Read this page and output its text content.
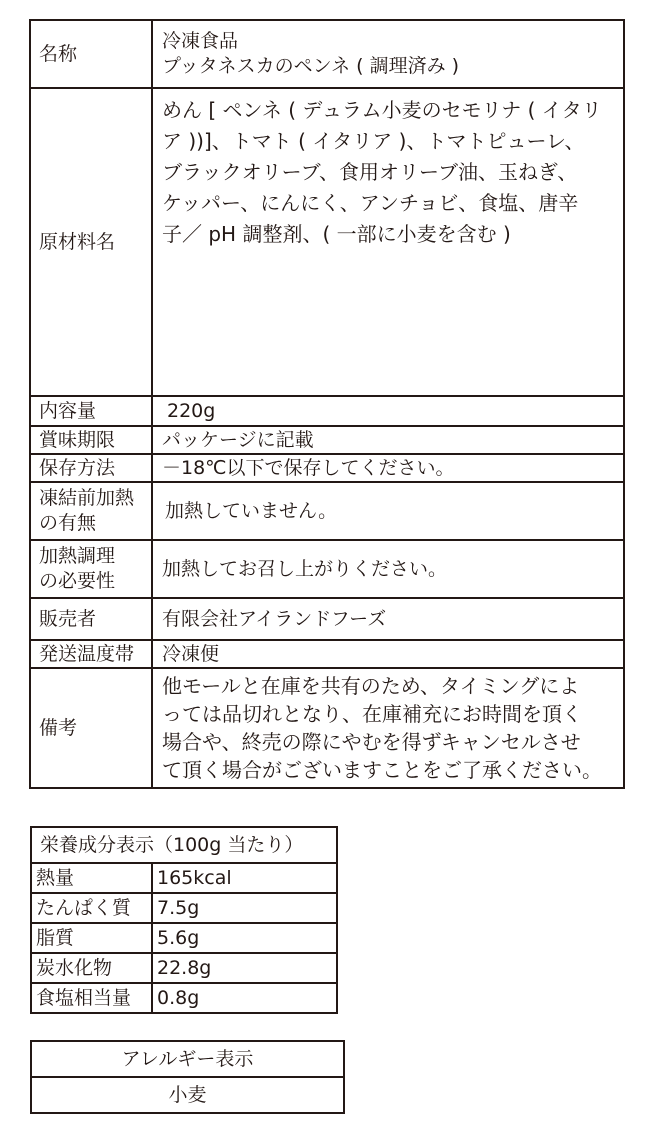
名称	冷凍食品
プッタネスカのペンネ ( 調理済み )
原材料名	めん [ ペンネ ( デュラム小麦のセモリナ ( イタリ
ア ))]、トマト ( イタリア )、トマトピューレ、
ブラックオリーブ、食用オリーブ油、玉ねぎ、
ケッパー、にんにく、アンチョビ、食塩、唐辛
子／ pH 調整剤、( 一部に小麦を含む )
内容量	220g
賞味期限	パッケージに記載
保存方法	－18℃以下で保存してください。
凍結前加熱
の有無	加熱していません。
加熱調理
の必要性	加熱してお召し上がりください。
販売者	有限会社アイランドフーズ
発送温度帯	冷凍便
備考	他モールと在庫を共有のため、タイミングによ
っては品切れとなり、在庫補充にお時間を頂く
場合や、終売の際にやむを得ずキャンセルさせ
て頂く場合がございますことをご了承ください。
栄養成分表示（100g 当たり）	
熱量	165kcal
たんぱく質	7.5g
脂質	5.6g
炭水化物	22.8g
食塩相当量	0.8g
アレルギー表示
小麦
